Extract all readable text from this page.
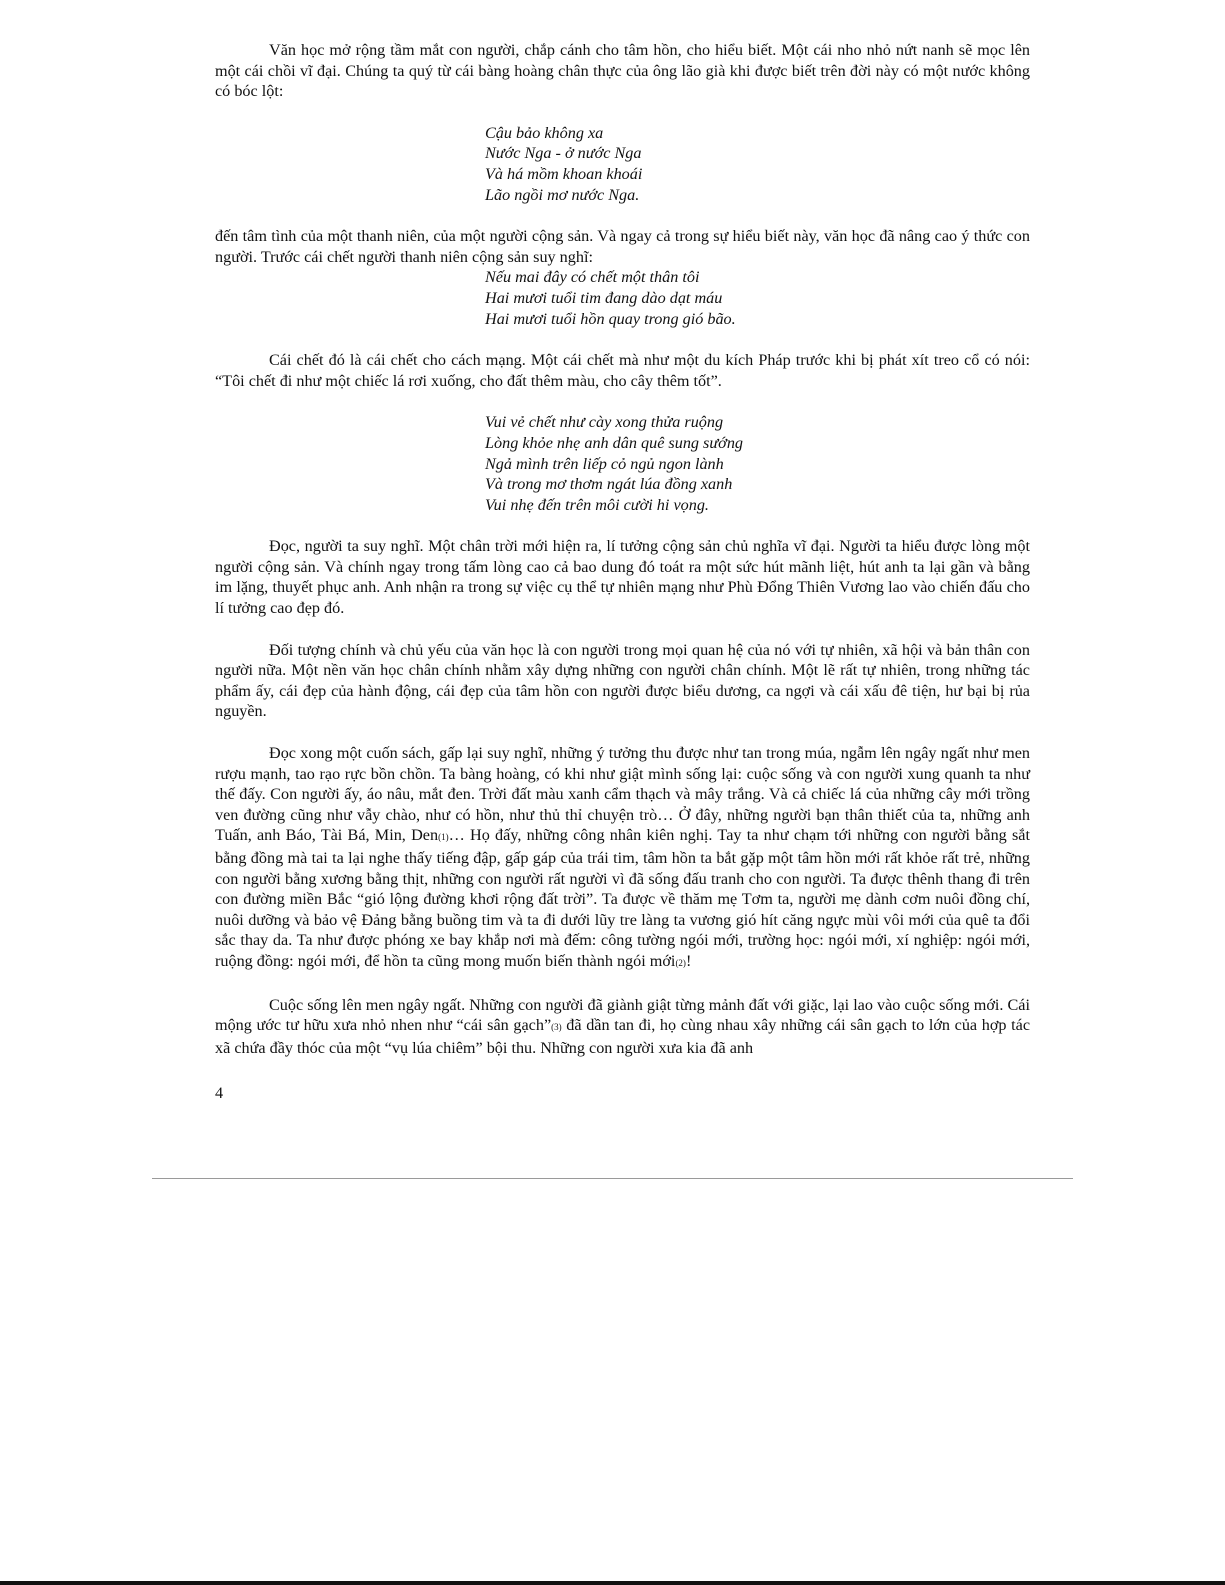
Văn học mở rộng tầm mắt con người, chắp cánh cho tâm hồn, cho hiểu biết. Một cái nho nhỏ nứt nanh sẽ mọc lên một cái chồi vĩ đại. Chúng ta quý từ cái bàng hoàng chân thực của ông lão già khi được biết trên đời này có một nước không có bóc lột:

Cậu bảo không xa
Nước Nga - ở nước Nga
Và há mồm khoan khoái
Lão ngồi mơ nước Nga.

đến tâm tình của một thanh niên, của một người cộng sản. Và ngay cả trong sự hiểu biết này, văn học đã nâng cao ý thức con người. Trước cái chết người thanh niên cộng sản suy nghĩ:

Nếu mai đây có chết một thân tôi
Hai mươi tuổi tim đang dào dạt máu
Hai mươi tuổi hồn quay trong gió bão.

Cái chết đó là cái chết cho cách mạng. Một cái chết mà như một du kích Pháp trước khi bị phát xít treo cổ có nói: “Tôi chết đi như một chiếc lá rơi xuống, cho đất thêm màu, cho cây thêm tốt”.

Vui vẻ chết như cày xong thửa ruộng
Lòng khỏe nhẹ anh dân quê sung sướng
Ngả mình trên liếp cỏ ngủ ngon lành
Và trong mơ thơm ngát lúa đồng xanh
Vui nhẹ đến trên môi cười hi vọng.

Đọc, người ta suy nghĩ. Một chân trời mới hiện ra, lí tưởng cộng sản chủ nghĩa vĩ đại. Người ta hiểu được lòng một người cộng sản. Và chính ngay trong tấm lòng cao cả bao dung đó toát ra một sức hút mãnh liệt, hút anh ta lại gần và bằng im lặng, thuyết phục anh. Anh nhận ra trong sự việc cụ thể tự nhiên mạng như Phù Đổng Thiên Vương lao vào chiến đấu cho lí tưởng cao đẹp đó.

Đối tượng chính và chủ yếu của văn học là con người trong mọi quan hệ của nó với tự nhiên, xã hội và bản thân con người nữa. Một nền văn học chân chính nhằm xây dựng những con người chân chính. Một lẽ rất tự nhiên, trong những tác phẩm ấy, cái đẹp của hành động, cái đẹp của tâm hồn con người được biểu dương, ca ngợi và cái xấu đê tiện, hư bại bị rủa nguyền.

Đọc xong một cuốn sách, gấp lại suy nghĩ, những ý tưởng thu được như tan trong múa, ngẫm lên ngây ngất như men rượu mạnh, tao rạo rực bồn chồn. Ta bàng hoàng, có khi như giật mình sống lại: cuộc sống và con người xung quanh ta như thế đấy. Con người ấy, áo nâu, mắt đen. Trời đất màu xanh cẩm thạch và mây trắng. Và cả chiếc lá của những cây mới trồng ven đường cũng như vẫy chào, như có hồn, như thủ thỉ chuyện trò… Ở đây, những người bạn thân thiết của ta, những anh Tuấn, anh Báo, Tài Bá, Min, Den(1)… Họ đấy, những công nhân kiên nghị. Tay ta như chạm tới những con người bằng sắt bằng đồng mà tai ta lại nghe thấy tiếng đập, gấp gáp của trái tim, tâm hồn ta bắt gặp một tâm hồn mới rất khỏe rất trẻ, những con người bằng xương bằng thịt, những con người rất người vì đã sống đấu tranh cho con người. Ta được thênh thang đi trên con đường miền Bắc “gió lộng đường khơi rộng đất trời”. Ta được về thăm mẹ Tơm ta, người mẹ dành cơm nuôi đồng chí, nuôi dưỡng và bảo vệ Đảng bằng buồng tim và ta đi dưới lũy tre làng ta vương gió hít căng ngực mùi vôi mới của quê ta đổi sắc thay da. Ta như được phóng xe bay khắp nơi mà đếm: công tường ngói mới, trường học: ngói mới, xí nghiệp: ngói mới, ruộng đồng: ngói mới, để hồn ta cũng mong muốn biến thành ngói mới(2)!

Cuộc sống lên men ngây ngất. Những con người đã giành giật từng mảnh đất với giặc, lại lao vào cuộc sống mới. Cái mộng ước tư hữu xưa nhỏ nhen như “cái sân gạch”(3) đã dần tan đi, họ cùng nhau xây những cái sân gạch to lớn của hợp tác xã chứa đầy thóc của một “vụ lúa chiêm” bội thu. Những con người xưa kia đã anh

4
